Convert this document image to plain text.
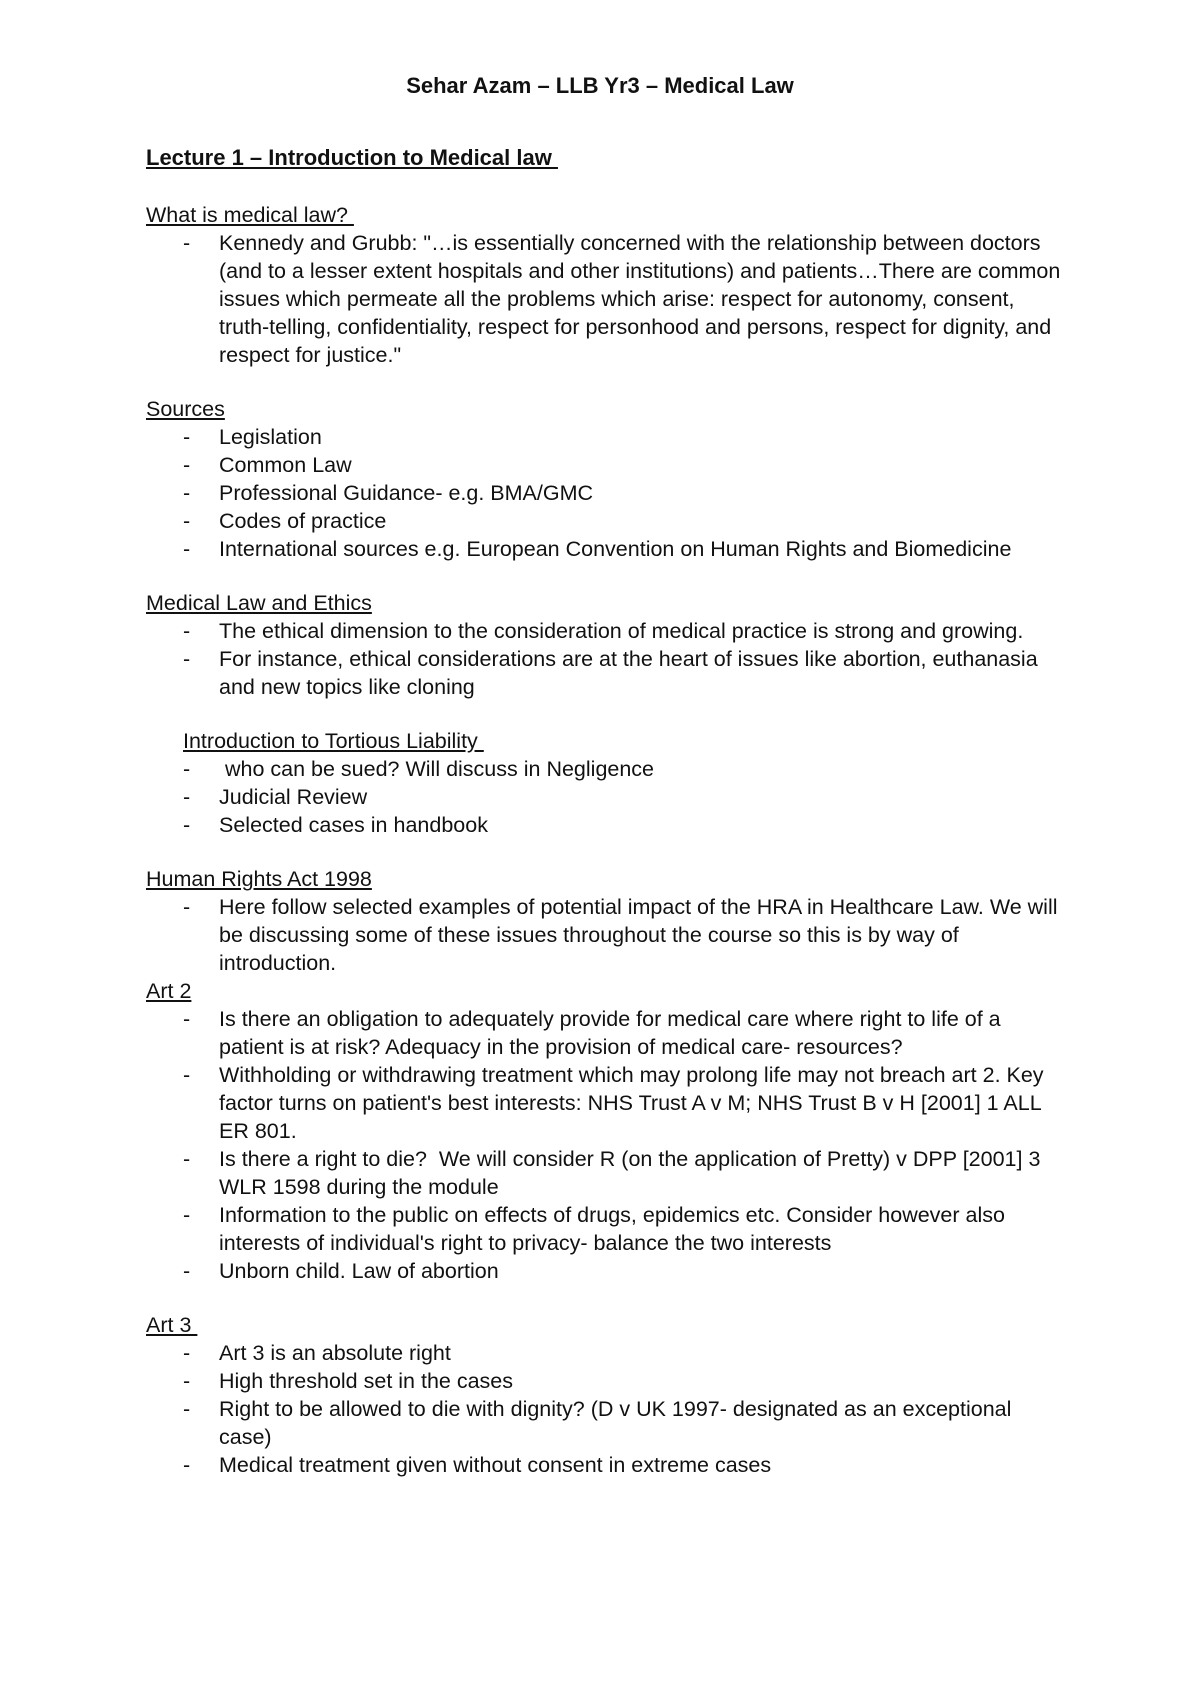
Sehar Azam – LLB Yr3 – Medical Law
Lecture 1 – Introduction to Medical law
What is medical law?
- Kennedy and Grubb: "…is essentially concerned with the relationship between doctors (and to a lesser extent hospitals and other institutions) and patients…There are common issues which permeate all the problems which arise: respect for autonomy, consent, truth-telling, confidentiality, respect for personhood and persons, respect for dignity, and respect for justice."
Sources
- Legislation
- Common Law
- Professional Guidance- e.g. BMA/GMC
- Codes of practice
- International sources e.g. European Convention on Human Rights and Biomedicine
Medical Law and Ethics
- The ethical dimension to the consideration of medical practice is strong and growing.
- For instance, ethical considerations are at the heart of issues like abortion, euthanasia and new topics like cloning
Introduction to Tortious Liability
- who can be sued? Will discuss in Negligence
- Judicial Review
- Selected cases in handbook
Human Rights Act 1998
- Here follow selected examples of potential impact of the HRA in Healthcare Law. We will be discussing some of these issues throughout the course so this is by way of introduction.
Art 2
- Is there an obligation to adequately provide for medical care where right to life of a patient is at risk? Adequacy in the provision of medical care- resources?
- Withholding or withdrawing treatment which may prolong life may not breach art 2. Key factor turns on patient's best interests: NHS Trust A v M; NHS Trust B v H [2001] 1 ALL ER 801.
- Is there a right to die?  We will consider R (on the application of Pretty) v DPP [2001] 3 WLR 1598 during the module
- Information to the public on effects of drugs, epidemics etc. Consider however also interests of individual's right to privacy- balance the two interests
- Unborn child. Law of abortion
Art 3
- Art 3 is an absolute right
- High threshold set in the cases
- Right to be allowed to die with dignity? (D v UK 1997- designated as an exceptional case)
- Medical treatment given without consent in extreme cases
